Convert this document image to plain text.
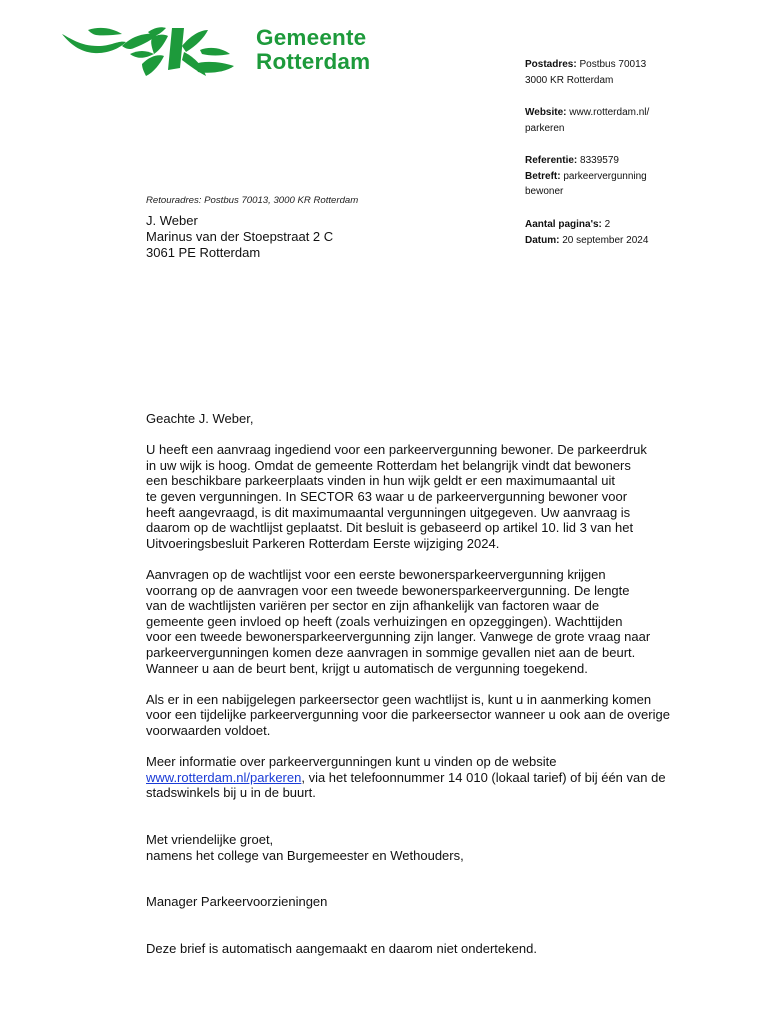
Gemeente
Rotterdam	Postadres: Postbus 70013
3000 KR Rotterdam
Website: www.rotterdam.nl/
parkeren
Referentie: 8339579
Betreft: parkeervergunning
bewoner
Aantal pagina's: 2
Datum: 20 september 2024
Retouradres: Postbus 70013, 3000 KR Rotterdam
J. Weber
Marinus van der Stoepstraat 2 C
3061 PE Rotterdam

Geachte J. Weber,

U heeft een aanvraag ingediend voor een parkeervergunning bewoner. De parkeerdruk

in uw wijk is hoog. Omdat de gemeente Rotterdam het belangrijk vindt dat bewoners

een beschikbare parkeerplaats vinden in hun wijk geldt er een maximumaantal uit

te geven vergunningen. In SECTOR 63 waar u de parkeervergunning bewoner voor

heeft aangevraagd, is dit maximumaantal vergunningen uitgegeven. Uw aanvraag is

daarom op de wachtlijst geplaatst. Dit besluit is gebaseerd op artikel 10. lid 3 van het

Uitvoeringsbesluit Parkeren Rotterdam Eerste wijziging 2024.

Aanvragen op de wachtlijst voor een eerste bewonersparkeervergunning krijgen

voorrang op de aanvragen voor een tweede bewonersparkeervergunning. De lengte

van de wachtlijsten variëren per sector en zijn afhankelijk van factoren waar de

gemeente geen invloed op heeft (zoals verhuizingen en opzeggingen). Wachttijden

voor een tweede bewonersparkeervergunning zijn langer. Vanwege de grote vraag naar

parkeervergunningen komen deze aanvragen in sommige gevallen niet aan de beurt.

Wanneer u aan de beurt bent, krijgt u automatisch de vergunning toegekend.

Als er in een nabijgelegen parkeersector geen wachtlijst is, kunt u in aanmerking komen

voor een tijdelijke parkeervergunning voor die parkeersector wanneer u ook aan de overige

voorwaarden voldoet.

Meer informatie over parkeervergunningen kunt u vinden op de website

www.rotterdam.nl/parkeren, via het telefoonnummer 14 010 (lokaal tarief) of bij één van de

stadswinkels bij u in de buurt.

Met vriendelijke groet,

namens het college van Burgemeester en Wethouders,

Manager Parkeervoorzieningen

Deze brief is automatisch aangemaakt en daarom niet ondertekend.
